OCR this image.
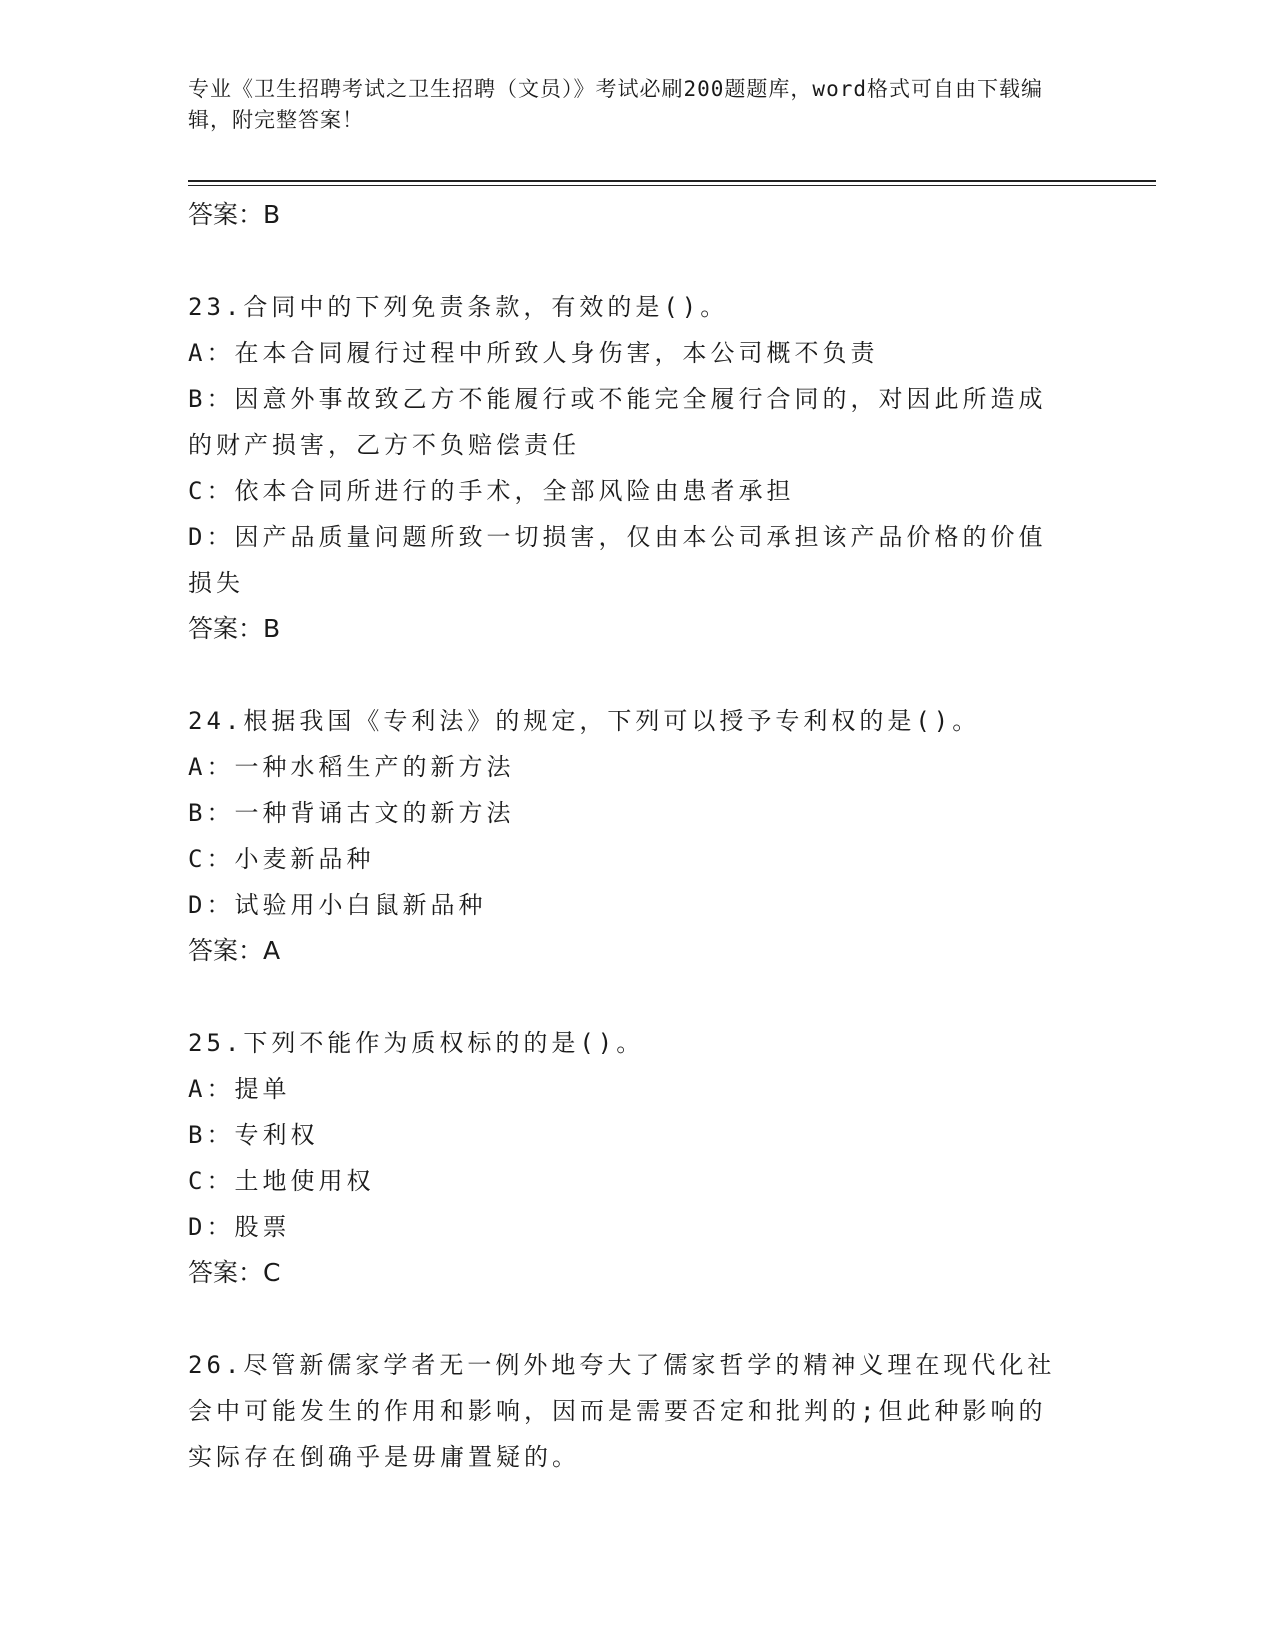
专业《卫生招聘考试之卫生招聘（文员）》考试必刷200题题库，word格式可自由下载编辑，附完整答案！

答案：B

23.合同中的下列免责条款，有效的是()。

A：在本合同履行过程中所致人身伤害，本公司概不负责

B：因意外事故致乙方不能履行或不能完全履行合同的，对因此所造成的财产损害，乙方不负赔偿责任

C：依本合同所进行的手术，全部风险由患者承担

D：因产品质量问题所致一切损害，仅由本公司承担该产品价格的价值损失

答案：B

24.根据我国《专利法》的规定，下列可以授予专利权的是()。

A：一种水稻生产的新方法

B：一种背诵古文的新方法

C：小麦新品种

D：试验用小白鼠新品种

答案：A

25.下列不能作为质权标的的是()。

A：提单

B：专利权

C：土地使用权

D：股票

答案：C

26.尽管新儒家学者无一例外地夸大了儒家哲学的精神义理在现代化社会中可能发生的作用和影响，因而是需要否定和批判的;但此种影响的实际存在倒确乎是毋庸置疑的。
